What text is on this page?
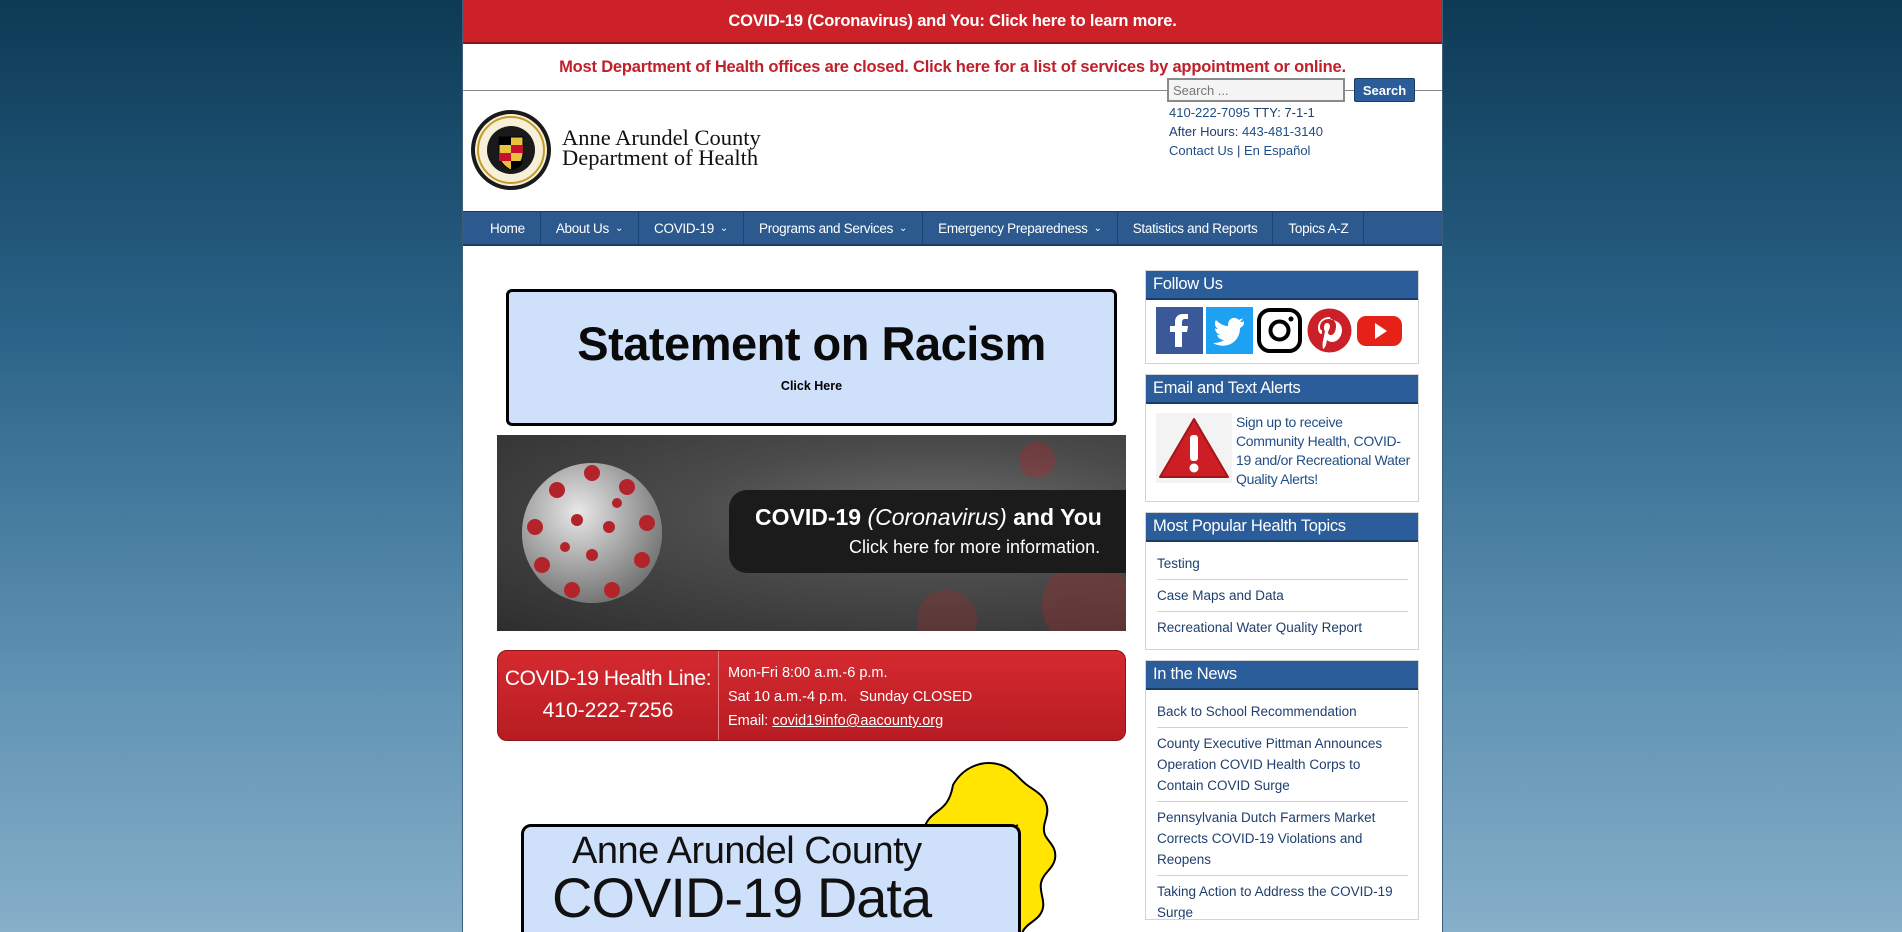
COVID-19 (Coronavirus) and You: Click here to learn more.
Most Department of Health offices are closed. Click here for a list of services by appointment or online.
Anne Arundel County
Department of Health
410-222-7095 TTY: 7-1-1
After Hours: 443-481-3140
Contact Us | En Español
Search ...
Search
Home About Us ⌄ COVID-19 ⌄ Programs and Services ⌄ Emergency Preparedness ⌄ Statistics and Reports Topics A-Z
Statement on Racism
Click Here
COVID-19 (Coronavirus) and You
Click here for more information.
COVID-19 Health Line:
410-222-7256
Mon-Fri 8:00 a.m.-6 p.m.
Sat 10 a.m.-4 p.m. Sunday CLOSED
Email: covid19info@aacounty.org
Anne Arundel County
COVID-19 Data
Follow Us
Email and Text Alerts
Sign up to receive Community Health, COVID-19 and/or Recreational Water Quality Alerts!
Most Popular Health Topics
Testing
Case Maps and Data
Recreational Water Quality Report
In the News
Back to School Recommendation
County Executive Pittman Announces Operation COVID Health Corps to Contain COVID Surge
Pennsylvania Dutch Farmers Market Corrects COVID-19 Violations and Reopens
Taking Action to Address the COVID-19 Surge
